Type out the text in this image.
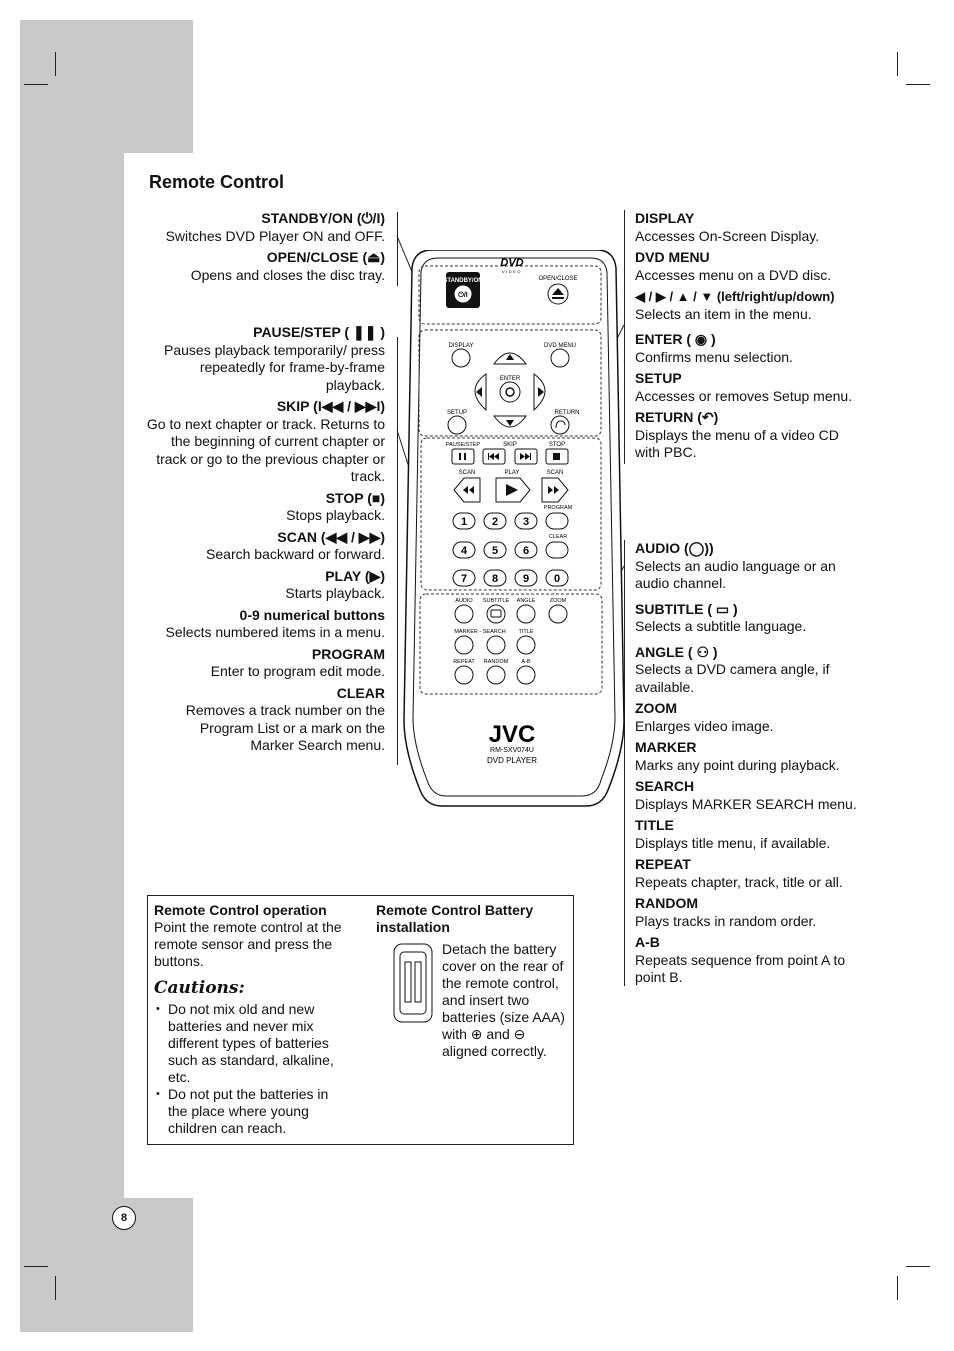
Remote Control
STANDBY/ON (⏻/I)
Switches DVD Player ON and OFF.
OPEN/CLOSE (⏏)
Opens and closes the disc tray.
PAUSE/STEP ( ❚❚ )
Pauses playback temporarily/ press repeatedly for frame-by-frame playback.
SKIP (I◀◀ / ▶▶I)
Go to next chapter or track. Returns to the beginning of current chapter or track or go to the previous chapter or track.
STOP (■)
Stops playback.
SCAN (◀◀ / ▶▶)
Search backward or forward.
PLAY (▶)
Starts playback.
0-9 numerical buttons
Selects numbered items in a menu.
PROGRAM
Enter to program edit mode.
CLEAR
Removes a track number on the Program List or a mark on the Marker Search menu.
DISPLAY
Accesses On-Screen Display.
DVD MENU
Accesses menu on a DVD disc.
◀ / ▶ / ▲ / ▼ (left/right/up/down)
Selects an item in the menu.
ENTER ( ◉ )
Confirms menu selection.
SETUP
Accesses or removes Setup menu.
RETURN (↶)
Displays the menu of a video CD with PBC.
AUDIO (◯))
Selects an audio language or an audio channel.
SUBTITLE ( ▭ )
Selects a subtitle language.
ANGLE ( ⚇ )
Selects a DVD camera angle, if available.
ZOOM
Enlarges video image.
MARKER
Marks any point during playback.
SEARCH
Displays MARKER SEARCH menu.
TITLE
Displays title menu, if available.
REPEAT
Repeats chapter, track, title or all.
RANDOM
Plays tracks in random order.
A-B
Repeats sequence from point A to point B.
STANDBY/ON
⏻/I
DVD
VIDEO
OPEN/CLOSE
DISPLAY	DVD MENU
ENTER
SETUP	RETURN
PAUSE/STEP	SKIP	STOP
SCAN	PLAY	SCAN
PROGRAM
CLEAR
1 2 3
4 5 6
7 8 9 0
AUDIO SUBTITLE ANGLE	ZOOM
MARKER - SEARCH TITLE
REPEAT RANDOM A-B
JVC
RM-SXV074U
DVD PLAYER
Remote Control operation
Point the remote control at the remote sensor and press the buttons.
Cautions:
• Do not mix old and new batteries and never mix different types of batteries such as standard, alkaline, etc.
• Do not put the batteries in the place where young children can reach.
Remote Control Battery installation
Detach the battery cover on the rear of the remote control, and insert two batteries (size AAA) with ⊕ and ⊖ aligned correctly.
8
